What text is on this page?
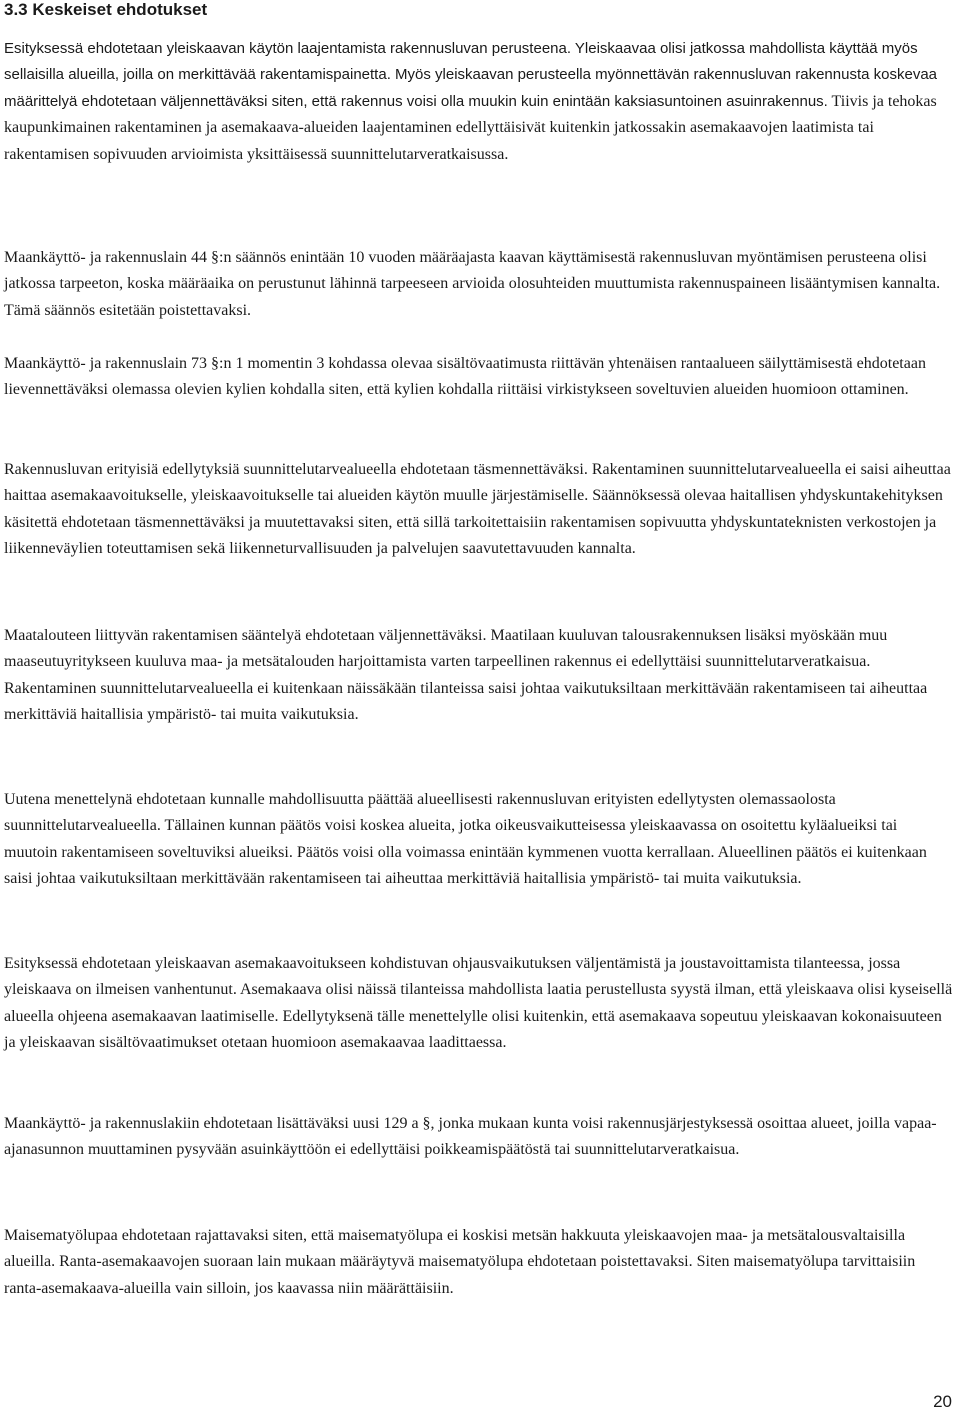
3.3 Keskeiset ehdotukset

Esityksessä ehdotetaan yleiskaavan käytön laajentamista rakennusluvan perusteena. Yleiskaavaa olisi jatkossa mahdollista käyttää myös sellaisilla alueilla, joilla on merkittävää rakentamispainetta. Myös yleiskaavan perusteella myönnettävän rakennusluvan rakennusta koskevaa määrittelyä ehdotetaan väljennettäväksi siten, että rakennus voisi olla muukin kuin enintään kaksiasuntoinen asuinrakennus. Tiivis ja tehokas kaupunkimainen rakentaminen ja asemakaava-alueiden laajentaminen edellyttäisivät kuitenkin jatkossakin asemakaavojen laatimista tai rakentamisen sopivuuden arvioimista yksittäisessä suunnittelutarveratkaisussa.

Maankäyttö- ja rakennuslain 44 §:n säännös enintään 10 vuoden määräajasta kaavan käyttämisestä rakennusluvan myöntämisen perusteena olisi jatkossa tarpeeton, koska määräaika on perustunut lähinnä tarpeeseen arvioida olosuhteiden muuttumista rakennuspaineen lisääntymisen kannalta. Tämä säännös esitetään poistettavaksi.

Maankäyttö- ja rakennuslain 73 §:n 1 momentin 3 kohdassa olevaa sisältövaatimusta riittävän yhtenäisen rantaalueen säilyttämisestä ehdotetaan lievennettäväksi olemassa olevien kylien kohdalla siten, että kylien kohdalla riittäisi virkistykseen soveltuvien alueiden huomioon ottaminen.

Rakennusluvan erityisiä edellytyksiä suunnittelutarvealueella ehdotetaan täsmennettäväksi. Rakentaminen suunnittelutarvealueella ei saisi aiheuttaa haittaa asemakaavoitukselle, yleiskaavoitukselle tai alueiden käytön muulle järjestämiselle. Säännöksessä olevaa haitallisen yhdyskuntakehityksen käsitettä ehdotetaan täsmennettäväksi ja muutettavaksi siten, että sillä tarkoitettaisiin rakentamisen sopivuutta yhdyskuntateknisten verkostojen ja liikenneväylien toteuttamisen sekä liikenneturvallisuuden ja palvelujen saavutettavuuden kannalta.

Maatalouteen liittyvän rakentamisen sääntelyä ehdotetaan väljennettäväksi. Maatilaan kuuluvan talousrakennuksen lisäksi myöskään muu maaseutuyritykseen kuuluva maa- ja metsätalouden harjoittamista varten tarpeellinen rakennus ei edellyttäisi suunnittelutarveratkaisua. Rakentaminen suunnittelutarvealueella ei kuitenkaan näissäkään tilanteissa saisi johtaa vaikutuksiltaan merkittävään rakentamiseen tai aiheuttaa merkittäviä haitallisia ympäristö- tai muita vaikutuksia.

Uutena menettelynä ehdotetaan kunnalle mahdollisuutta päättää alueellisesti rakennusluvan erityisten edellytysten olemassaolosta suunnittelutarvealueella. Tällainen kunnan päätös voisi koskea alueita, jotka oikeusvaikutteisessa yleiskaavassa on osoitettu kyläalueiksi tai muutoin rakentamiseen soveltuviksi alueiksi. Päätös voisi olla voimassa enintään kymmenen vuotta kerrallaan. Alueellinen päätös ei kuitenkaan saisi johtaa vaikutuksiltaan merkittävään rakentamiseen tai aiheuttaa merkittäviä haitallisia ympäristö- tai muita vaikutuksia.

Esityksessä ehdotetaan yleiskaavan asemakaavoitukseen kohdistuvan ohjausvaikutuksen väljentämistä ja joustavoittamista tilanteessa, jossa yleiskaava on ilmeisen vanhentunut. Asemakaava olisi näissä tilanteissa mahdollista laatia perustellusta syystä ilman, että yleiskaava olisi kyseisellä alueella ohjeena asemakaavan laatimiselle. Edellytyksenä tälle menettelylle olisi kuitenkin, että asemakaava sopeutuu yleiskaavan kokonaisuuteen ja yleiskaavan sisältövaatimukset otetaan huomioon asemakaavaa laadittaessa.

Maankäyttö- ja rakennuslakiin ehdotetaan lisättäväksi uusi 129 a §, jonka mukaan kunta voisi rakennusjärjestyksessä osoittaa alueet, joilla vapaa-ajanasunnon muuttaminen pysyvään asuinkäyttöön ei edellyttäisi poikkeamispäätöstä tai suunnittelutarveratkaisua.

Maisematyölupaa ehdotetaan rajattavaksi siten, että maisematyölupa ei koskisi metsän hakkuuta yleiskaavojen maa- ja metsätalousvaltaisilla alueilla. Ranta-asemakaavojen suoraan lain mukaan määräytyvä maisematyölupa ehdotetaan poistettavaksi. Siten maisematyölupa tarvittaisiin ranta-asemakaava-alueilla vain silloin, jos kaavassa niin määrättäisiin.

20
